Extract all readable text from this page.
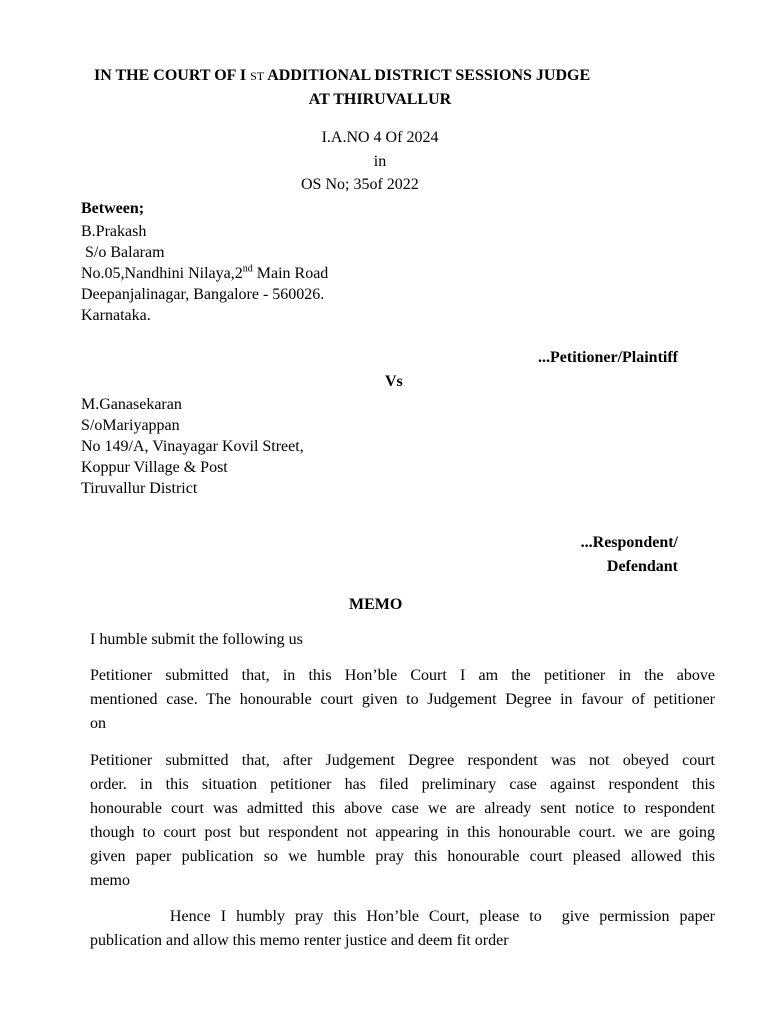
IN THE COURT OF I ST ADDITIONAL DISTRICT SESSIONS JUDGE
AT THIRUVALLUR
I.A.NO 4 Of 2024
in
OS No; 35of 2022
Between;
B.Prakash
S/o Balaram
No.05,Nandhini Nilaya,2nd Main Road
Deepanjalinagar, Bangalore - 560026.
Karnataka.
...Petitioner/Plaintiff
Vs
M.Ganasekaran
S/oMariyappan
No 149/A, Vinayagar Kovil Street,
Koppur Village & Post
Tiruvallur District
...Respondent/
Defendant
MEMO
I humble submit the following us
Petitioner submitted that, in this Hon’ble Court I am the petitioner in the above
mentioned case. The honourable court given to Judgement Degree in favour of petitioner
on
Petitioner submitted that, after Judgement Degree respondent was not obeyed court
order. in this situation petitioner has filed preliminary case against respondent this
honourable court was admitted this above case we are already sent notice to respondent
though to court post but respondent not appearing in this honourable court. we are going
given paper publication so we humble pray this honourable court pleased allowed this
memo
Hence I humbly pray this Hon’ble Court, please to  give permission paper
publication and allow this memo renter justice and deem fit order
